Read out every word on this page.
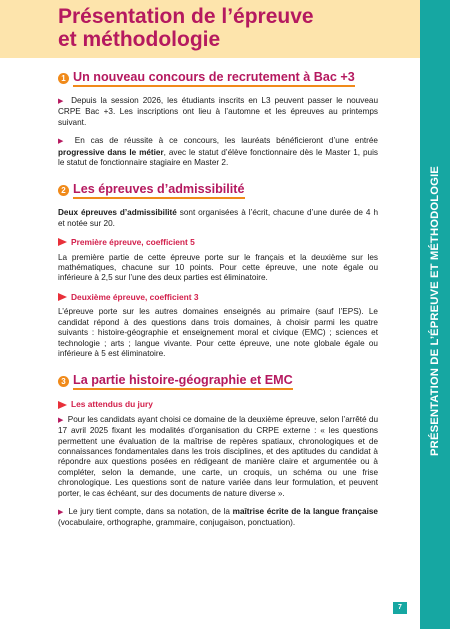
Présentation de l’épreuve
et méthodologie
PRÉSENTATION DE L’ÉPREUVE ET MÉTHODOLOGIE
1 Un nouveau concours de recrutement à Bac +3

▶ Depuis la session 2026, les étudiants inscrits en L3 peuvent passer le nouveau CRPE Bac +3. Les inscriptions ont lieu à l’automne et les épreuves au printemps suivant.

▶ En cas de réussite à ce concours, les lauréats bénéficieront d’une entrée progressive dans le métier, avec le statut d’élève fonctionnaire dès le Master 1, puis le statut de fonctionnaire stagiaire en Master 2.

2 Les épreuves d’admissibilité

Deux épreuves d’admissibilité sont organisées à l’écrit, chacune d’une durée de 4 h et notée sur 20.

Première épreuve, coefficient 5

La première partie de cette épreuve porte sur le français et la deuxième sur les mathématiques, chacune sur 10 points. Pour cette épreuve, une note égale ou inférieure à 2,5 sur l’une des deux parties est éliminatoire.

Deuxième épreuve, coefficient 3

L’épreuve porte sur les autres domaines enseignés au primaire (sauf l’EPS). Le candidat répond à des questions dans trois domaines, à choisir parmi les quatre suivants : histoire-géographie et enseignement moral et civique (EMC) ; sciences et technologie ; arts ; langue vivante. Pour cette épreuve, une note globale égale ou inférieure à 5 est éliminatoire.

3 La partie histoire-géographie et EMC
Les attendus du jury

▶ Pour les candidats ayant choisi ce domaine de la deuxième épreuve, selon l’arrêté du 17 avril 2025 fixant les modalités d’organisation du CRPE externe : « les questions permettent une évaluation de la maîtrise de repères spatiaux, chronologiques et de connaissances fondamentales dans les trois disciplines, et des aptitudes du candidat à répondre aux questions posées en rédigeant de manière claire et argumentée ou à compléter, selon la demande, une carte, un croquis, un schéma ou une frise chronologique. Les questions sont de nature variée dans leur formulation, et peuvent porter, le cas échéant, sur des documents de nature diverse ».

▶ Le jury tient compte, dans sa notation, de la maîtrise écrite de la langue française (vocabulaire, orthographe, grammaire, conjugaison, ponctuation).

7
